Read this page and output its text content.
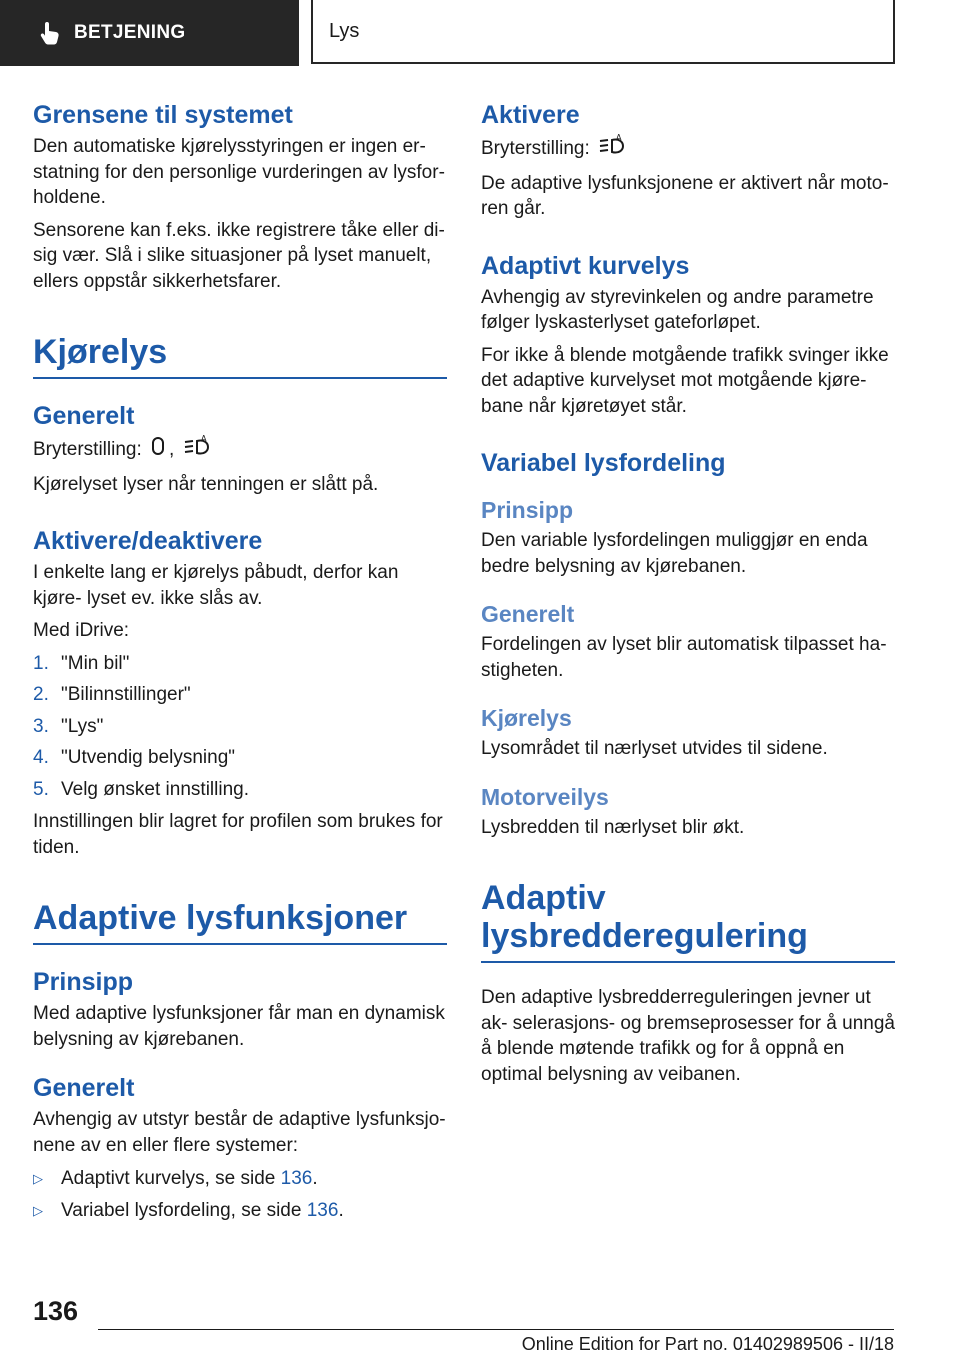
BETJENING	Lys
Grensene til systemet

Den automatiske kjørelysstyringen er ingen er- statning for den personlige vurderingen av lysfor- holdene.

Sensorene kan f.eks. ikke registrere tåke eller di- sig vær. Slå i slike situasjoner på lyset manuelt, ellers oppstår sikkerhetsfarer.

Kjørelys
Generelt

Bryterstilling: ,
A

Kjørelyset lyser når tenningen er slått på.

Aktivere/deaktivere

I enkelte lang er kjørelys påbudt, derfor kan kjøre- lyset ev. ikke slås av.

Med iDrive:

1. "Min bil"
2. "Bilinnstillinger"
3. "Lys"
4. "Utvendig belysning"
5. Velg ønsket innstilling.

Innstillingen blir lagret for profilen som brukes for tiden.

Adaptive lysfunksjoner
Prinsipp

Med adaptive lysfunksjoner får man en dynamisk belysning av kjørebanen.

Generelt

Avhengig av utstyr består de adaptive lysfunksjo- nene av en eller flere systemer:

▷ Adaptivt kurvelys, se side 136.
▷ Variabel lysfordeling, se side 136.
Aktivere

Bryterstilling:
A

De adaptive lysfunksjonene er aktivert når moto- ren går.

Adaptivt kurvelys

Avhengig av styrevinkelen og andre parametre følger lyskasterlyset gateforløpet.

For ikke å blende motgående trafikk svinger ikke det adaptive kurvelyset mot motgående kjøre- bane når kjøretøyet står.

Variabel lysfordeling
Prinsipp

Den variable lysfordelingen muliggjør en enda bedre belysning av kjørebanen.

Generelt

Fordelingen av lyset blir automatisk tilpasset ha- stigheten.

Kjørelys

Lysområdet til nærlyset utvides til sidene.

Motorveilys

Lysbredden til nærlyset blir økt.

Adaptiv
lysbredderegulering

Den adaptive lysbredderreguleringen jevner ut ak- selerasjons- og bremseprosesser for å unngå å blende møtende trafikk og for å oppnå en optimal belysning av veibanen.

136
Online Edition for Part no. 01402989506 - II/18
